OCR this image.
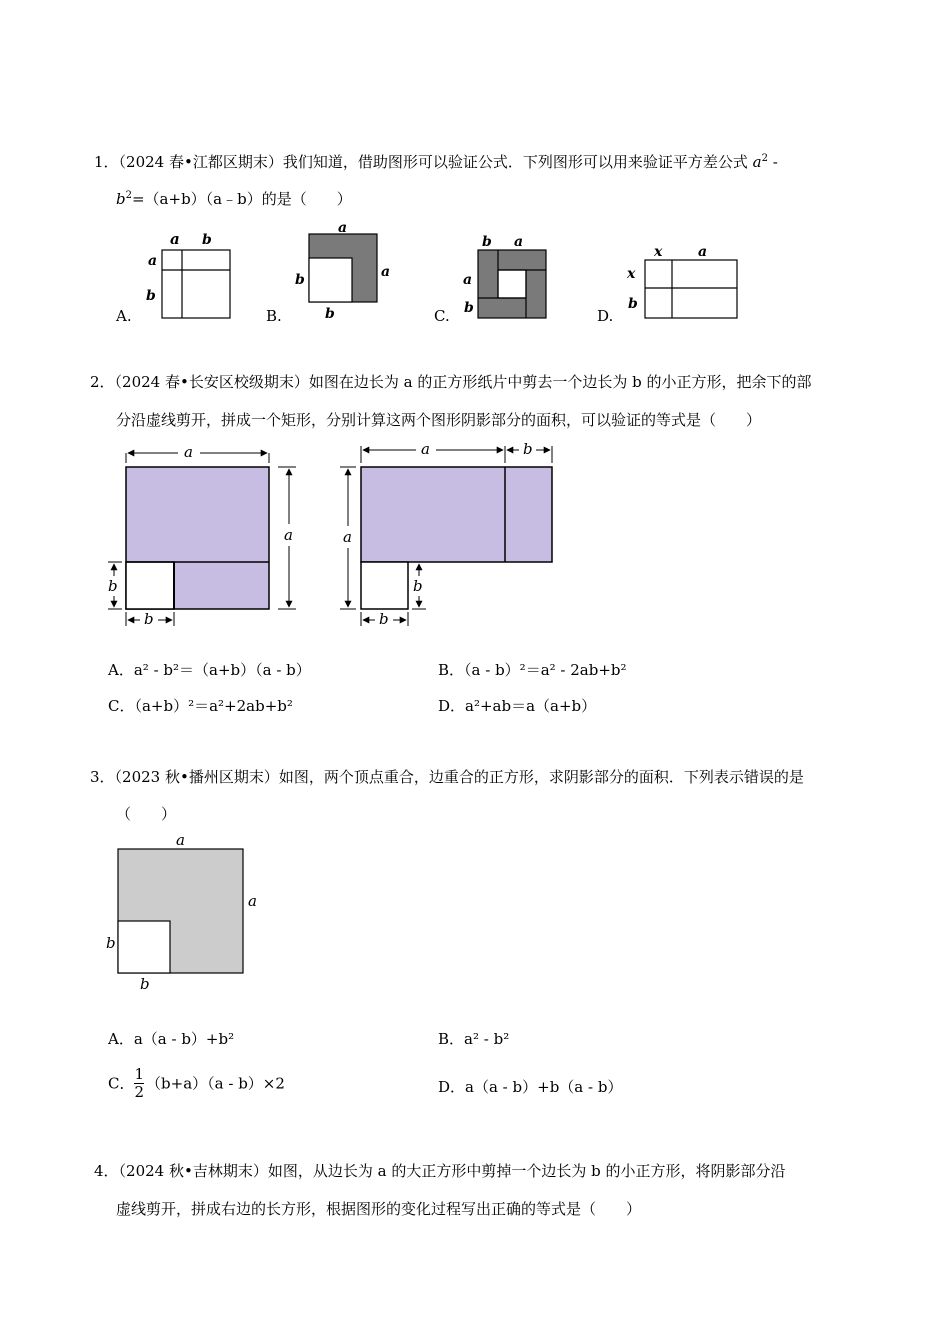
1．（2024 春•江都区期末）我们知道，借助图形可以验证公式．下列图形可以用来验证平方差公式 $a^2$ -
$b^2=(a+b)(a﹣b)$的是（　　）
A.
a b
a
b
B.
a
b	a
b	C.
b a
a
b	D.
x	a
x
b
2．（2024 春•长安区校级期末）如图在边长为 a 的正方形纸片中剪去一个边长为 b 的小正方形，把余下的部
分沿虚线剪开，拼成一个矩形，分别计算这两个图形阴影部分的面积，可以验证的等式是（　　）
a
a
b
b
a	b
a
b
b
A．a² - b²＝（a+b）（a - b）	B．（a - b）²＝a² - 2ab+b²
C．（a+b）²＝a²+2ab+b²	D．a²+ab＝a（a+b）
3．（2023 秋•播州区期末）如图，两个顶点重合，边重合的正方形，求阴影部分的面积．下列表示错误的是
（　　）
a
a
b
b
A．a（a - b）+b²	B．a² - b²
C． $\frac{1}{2} (b+a)(a - b)\times 2$	D．a（a - b）+b（a - b）
4．（2024 秋•吉林期末）如图，从边长为 a 的大正方形中剪掉一个边长为 b 的小正方形，将阴影部分沿
虚线剪开，拼成右边的长方形，根据图形的变化过程写出正确的等式是（　　）
